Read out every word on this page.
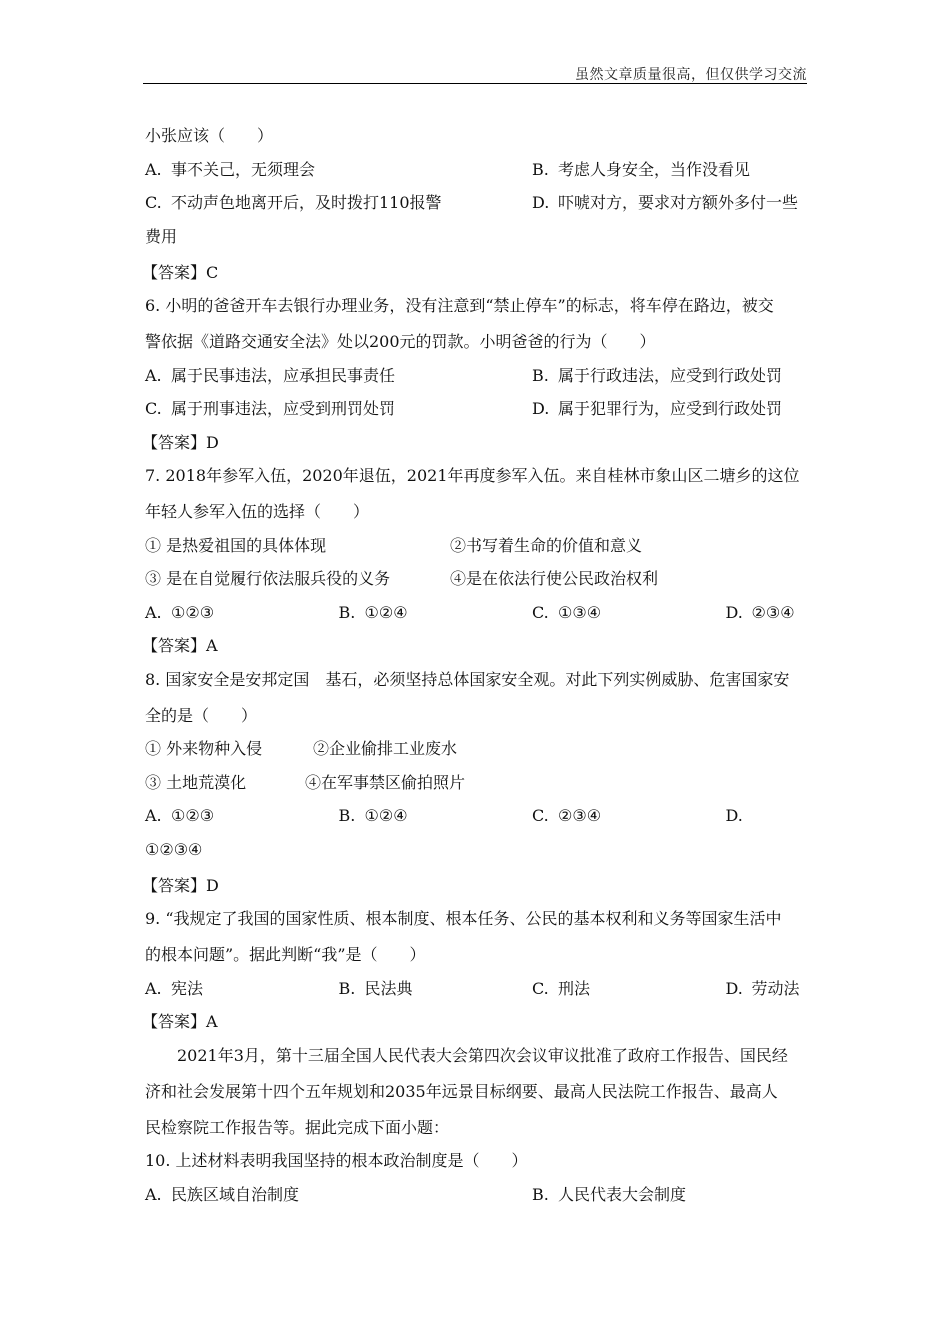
虽然文章质量很高，但仅供学习交流
小张应该（　　）
A. 事不关己，无须理会	B. 考虑人身安全，当作没看见
C. 不动声色地离开后，及时拨打110报警	D. 吓唬对方，要求对方额外多付一些
费用
【答案】C
6. 小明的爸爸开车去银行办理业务，没有注意到“禁止停车”的标志，将车停在路边，被交
警依据《道路交通安全法》处以200元的罚款。小明爸爸的行为（　　）
A. 属于民事违法，应承担民事责任	B. 属于行政违法，应受到行政处罚
C. 属于刑事违法，应受到刑罚处罚	D. 属于犯罪行为，应受到行政处罚
【答案】D
7. 2018年参军入伍，2020年退伍，2021年再度参军入伍。来自桂林市象山区二塘乡的这位
年轻人参军入伍的选择（　　）
① 是热爱祖国的具体体现	②书写着生命的价值和意义
③ 是在自觉履行依法服兵役的义务	④是在依法行使公民政治权利
A. ①②③	B. ①②④	C. ①③④	D. ②③④
【答案】A
8. 国家安全是安邦定国　基石，必须坚持总体国家安全观。对此下列实例威胁、危害国家安
全的是（　　）
① 外来物种入侵	②企业偷排工业废水
③ 土地荒漠化	④在军事禁区偷拍照片
A. ①②③	B. ①②④	C. ②③④	D.
①②③④
【答案】D
9. “我规定了我国的国家性质、根本制度、根本任务、公民的基本权利和义务等国家生活中
的根本问题”。据此判断“我”是（　　）
A. 宪法	B. 民法典	C. 刑法	D. 劳动法
【答案】A
2021年3月，第十三届全国人民代表大会第四次会议审议批准了政府工作报告、国民经
济和社会发展第十四个五年规划和2035年远景目标纲要、最高人民法院工作报告、最高人
民检察院工作报告等。据此完成下面小题：
10. 上述材料表明我国坚持的根本政治制度是（　　）
A. 民族区域自治制度	B. 人民代表大会制度
